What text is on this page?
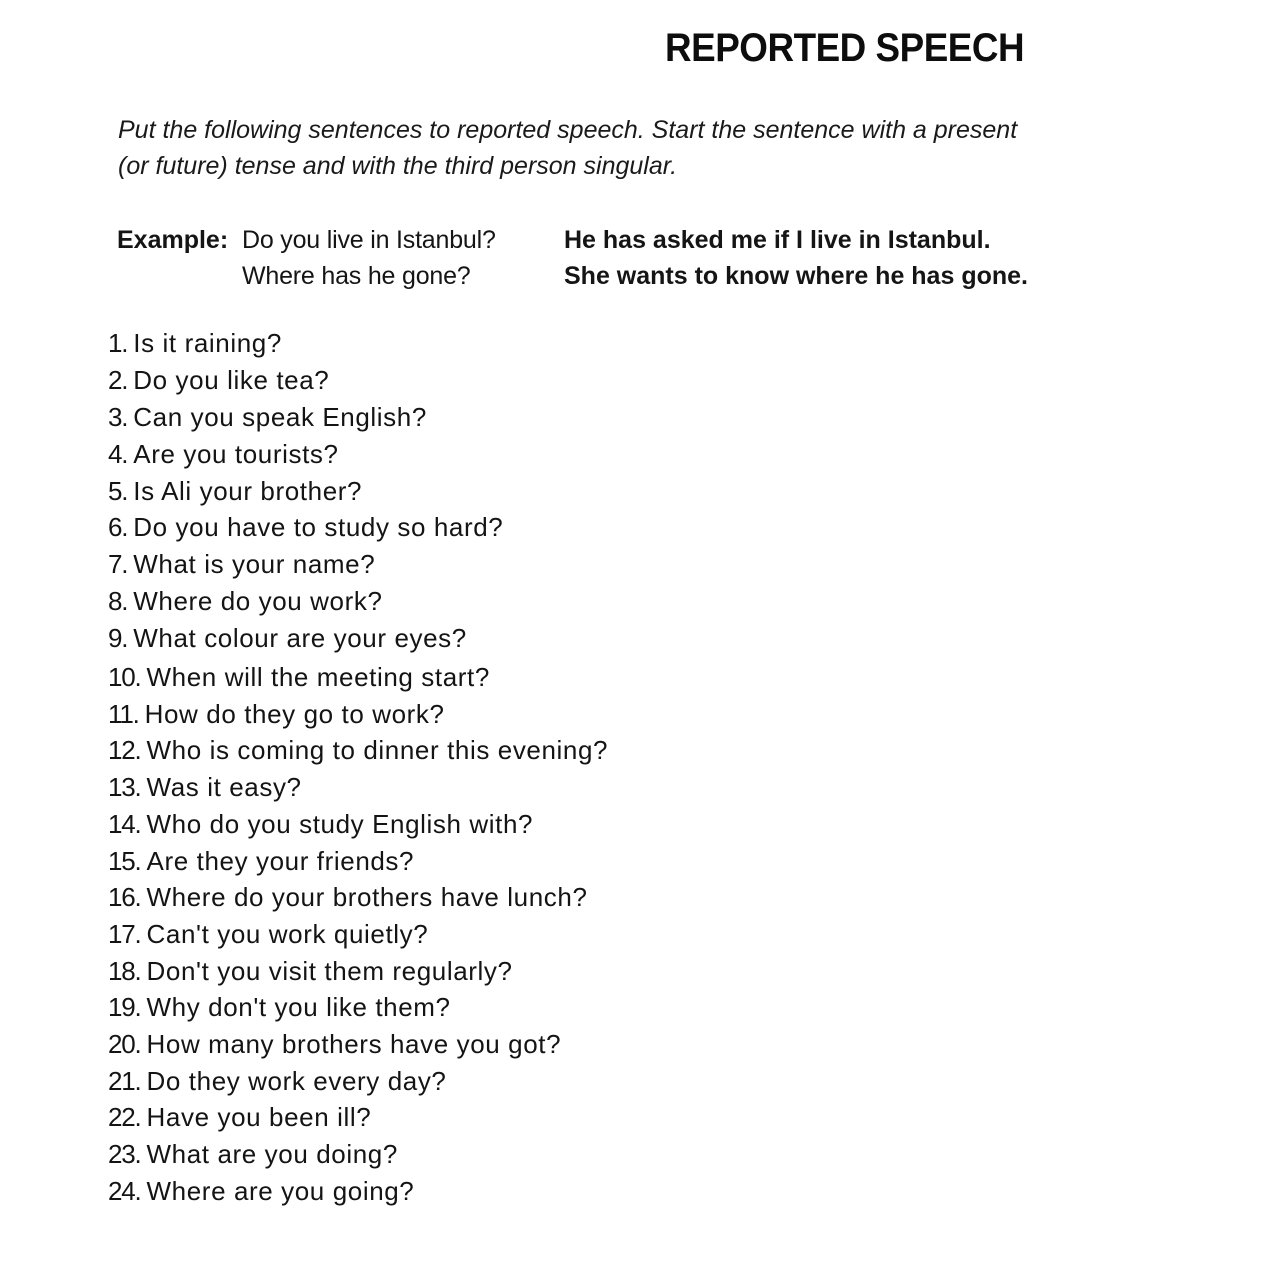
REPORTED SPEECH
Put the following sentences to reported speech. Start the sentence with a present
(or future) tense and with the third person singular.
Example: Do you live in Istanbul?	He has asked me if I live in Istanbul.
Where has he gone?	She wants to know where he has gone.
1. Is it raining?
2. Do you like tea?
3. Can you speak English?
4. Are you tourists?
5. Is Ali your brother?
6. Do you have to study so hard?
7. What is your name?
8. Where do you work?
9. What colour are your eyes?
10. When will the meeting start?
11. How do they go to work?
12. Who is coming to dinner this evening?
13. Was it easy?
14. Who do you study English with?
15. Are they your friends?
16. Where do your brothers have lunch?
17. Can't you work quietly?
18. Don't you visit them regularly?
19. Why don't you like them?
20. How many brothers have you got?
21. Do they work every day?
22. Have you been ill?
23. What are you doing?
24. Where are you going?
